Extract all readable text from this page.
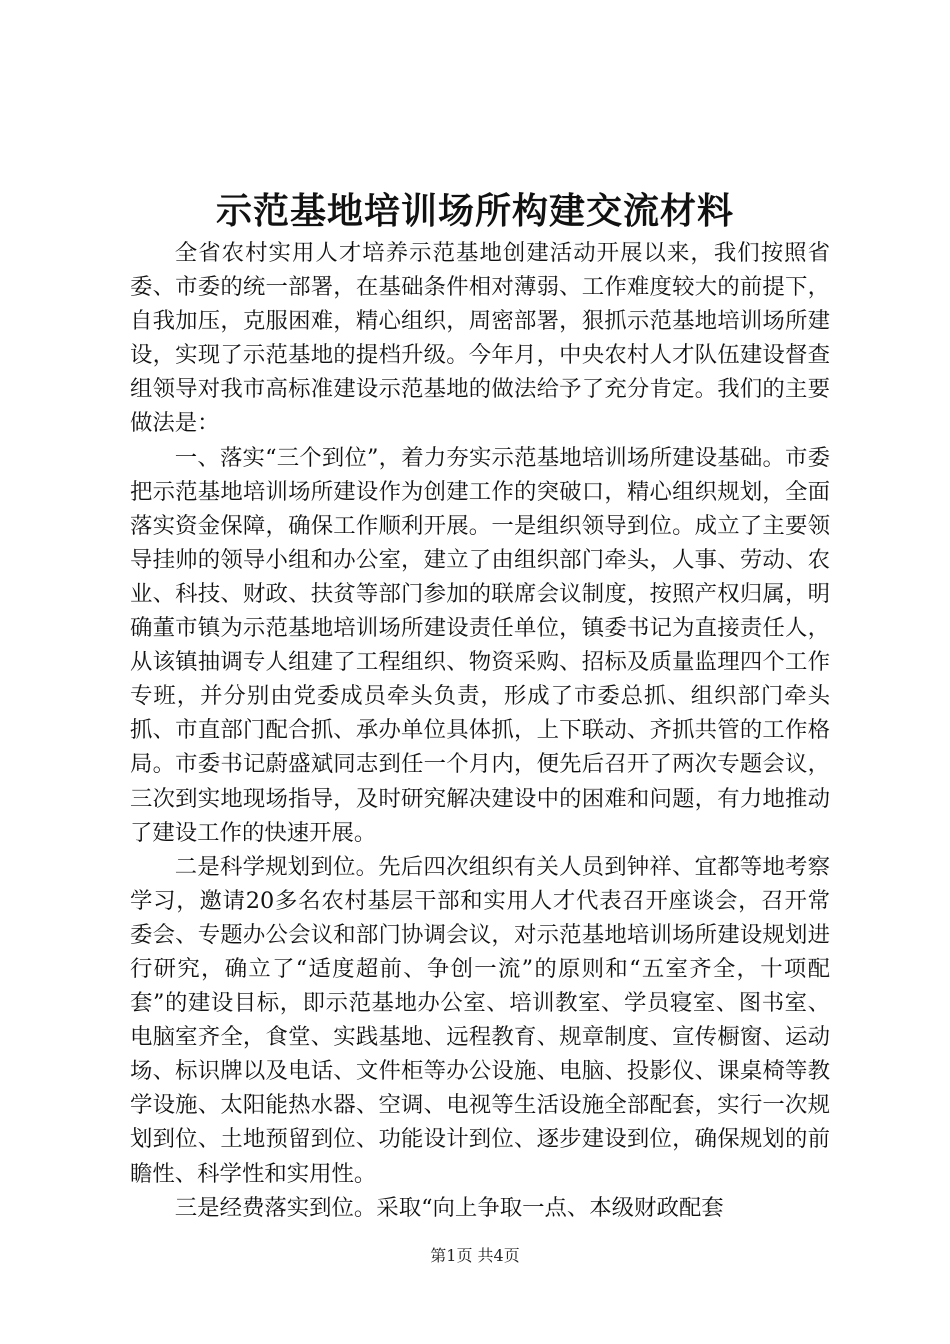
示范基地培训场所构建交流材料

全省农村实用人才培养示范基地创建活动开展以来，我们按照省委、市委的统一部署，在基础条件相对薄弱、工作难度较大的前提下，自我加压，克服困难，精心组织，周密部署，狠抓示范基地培训场所建设，实现了示范基地的提档升级。今年月，中央农村人才队伍建设督查组领导对我市高标准建设示范基地的做法给予了充分肯定。我们的主要做法是：

一、落实“三个到位”，着力夯实示范基地培训场所建设基础。市委把示范基地培训场所建设作为创建工作的突破口，精心组织规划，全面落实资金保障，确保工作顺利开展。一是组织领导到位。成立了主要领导挂帅的领导小组和办公室，建立了由组织部门牵头，人事、劳动、农业、科技、财政、扶贫等部门参加的联席会议制度，按照产权归属，明确董市镇为示范基地培训场所建设责任单位，镇委书记为直接责任人，从该镇抽调专人组建了工程组织、物资采购、招标及质量监理四个工作专班，并分别由党委成员牵头负责，形成了市委总抓、组织部门牵头抓、市直部门配合抓、承办单位具体抓，上下联动、齐抓共管的工作格局。市委书记蔚盛斌同志到任一个月内，便先后召开了两次专题会议，三次到实地现场指导，及时研究解决建设中的困难和问题，有力地推动了建设工作的快速开展。

二是科学规划到位。先后四次组织有关人员到钟祥、宜都等地考察学习，邀请20多名农村基层干部和实用人才代表召开座谈会，召开常委会、专题办公会议和部门协调会议，对示范基地培训场所建设规划进行研究，确立了“适度超前、争创一流”的原则和“五室齐全，十项配套”的建设目标，即示范基地办公室、培训教室、学员寝室、图书室、电脑室齐全，食堂、实践基地、远程教育、规章制度、宣传橱窗、运动场、标识牌以及电话、文件柜等办公设施、电脑、投影仪、课桌椅等教学设施、太阳能热水器、空调、电视等生活设施全部配套，实行一次规划到位、土地预留到位、功能设计到位、逐步建设到位，确保规划的前瞻性、科学性和实用性。

三是经费落实到位。采取“向上争取一点、本级财政配套

第1页 共4页
